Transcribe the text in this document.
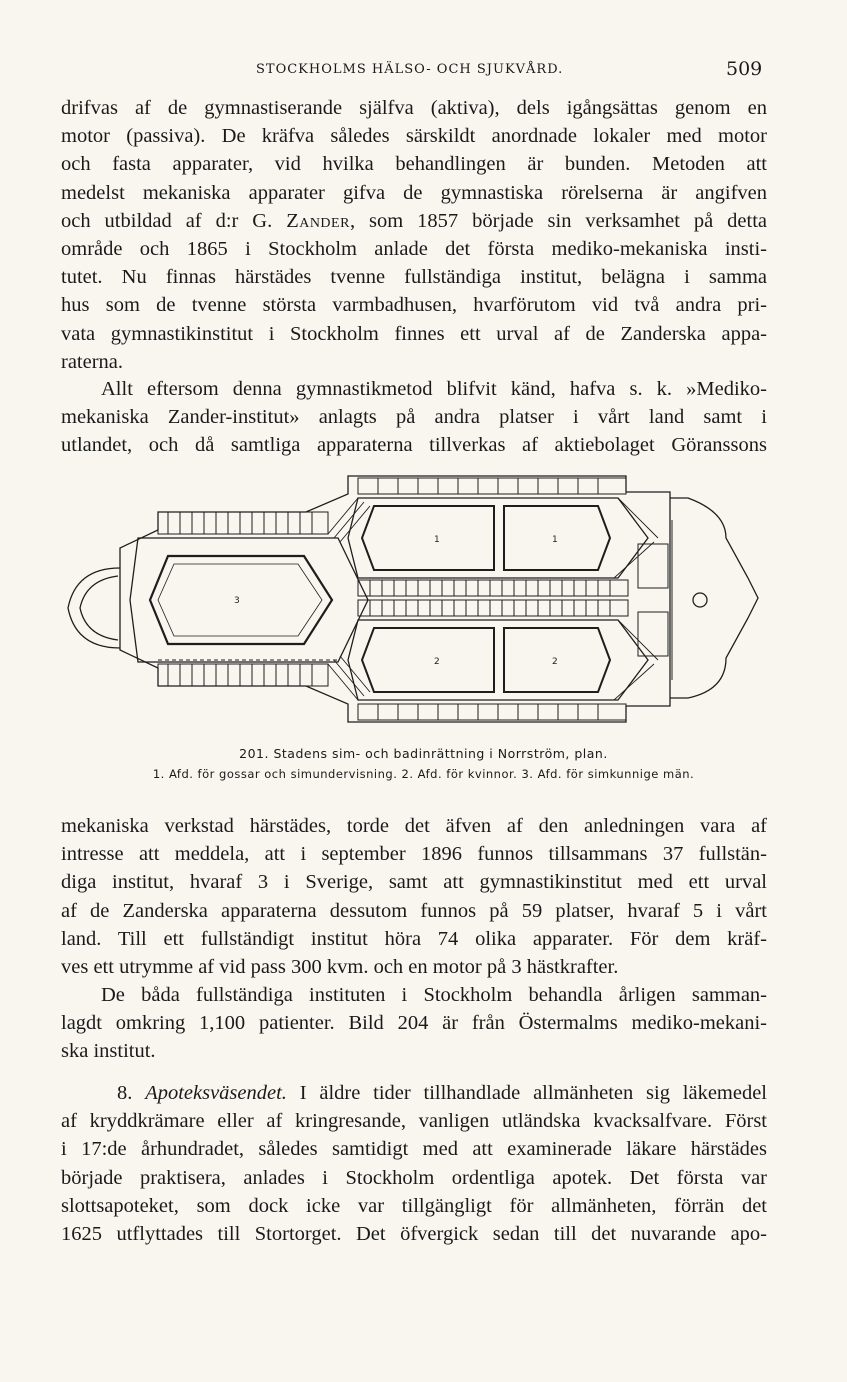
STOCKHOLMS HÄLSO- OCH SJUKVÅRD.	509

drifvas af de gymnastiserande själfva (aktiva), dels igångsättas genom en
motor (passiva). De kräfva således särskildt anordnade lokaler med motor
och fasta apparater, vid hvilka behandlingen är bunden. Metoden att
medelst mekaniska apparater gifva de gymnastiska rörelserna är angifven
och utbildad af d:r G. Zander, som 1857 började sin verksamhet på detta
område och 1865 i Stockholm anlade det första mediko-mekaniska insti-
tutet. Nu finnas härstädes tvenne fullständiga institut, belägna i samma
hus som de tvenne största varmbadhusen, hvarförutom vid två andra pri-
vata gymnastikinstitut i Stockholm finnes ett urval af de Zanderska appa-
raterna.

Allt eftersom denna gymnastikmetod blifvit känd, hafva s. k. »Mediko-
mekaniska Zander-institut» anlagts på andra platser i vårt land samt i
utlandet, och då samtliga apparaterna tillverkas af aktiebolaget Göranssons

1	1
3
2	2
201. Stadens sim- och badinrättning i Norrström, plan.
1. Afd. för gossar och simundervisning. 2. Afd. för kvinnor. 3. Afd. för simkunnige män.

mekaniska verkstad härstädes, torde det äfven af den anledningen vara af
intresse att meddela, att i september 1896 funnos tillsammans 37 fullstän-
diga institut, hvaraf 3 i Sverige, samt att gymnastikinstitut med ett urval
af de Zanderska apparaterna dessutom funnos på 59 platser, hvaraf 5 i vårt
land. Till ett fullständigt institut höra 74 olika apparater. För dem kräf-
ves ett utrymme af vid pass 300 kvm. och en motor på 3 hästkrafter.

De båda fullständiga instituten i Stockholm behandla årligen samman-
lagdt omkring 1,100 patienter. Bild 204 är från Östermalms mediko-mekani-
ska institut.

8. Apoteksväsendet. I äldre tider tillhandlade allmänheten sig läkemedel
af kryddkrämare eller af kringresande, vanligen utländska kvacksalfvare. Först
i 17:de århundradet, således samtidigt med att examinerade läkare härstädes
började praktisera, anlades i Stockholm ordentliga apotek. Det första var
slottsapoteket, som dock icke var tillgängligt för allmänheten, förrän det
1625 utflyttades till Stortorget. Det öfvergick sedan till det nuvarande apo-
